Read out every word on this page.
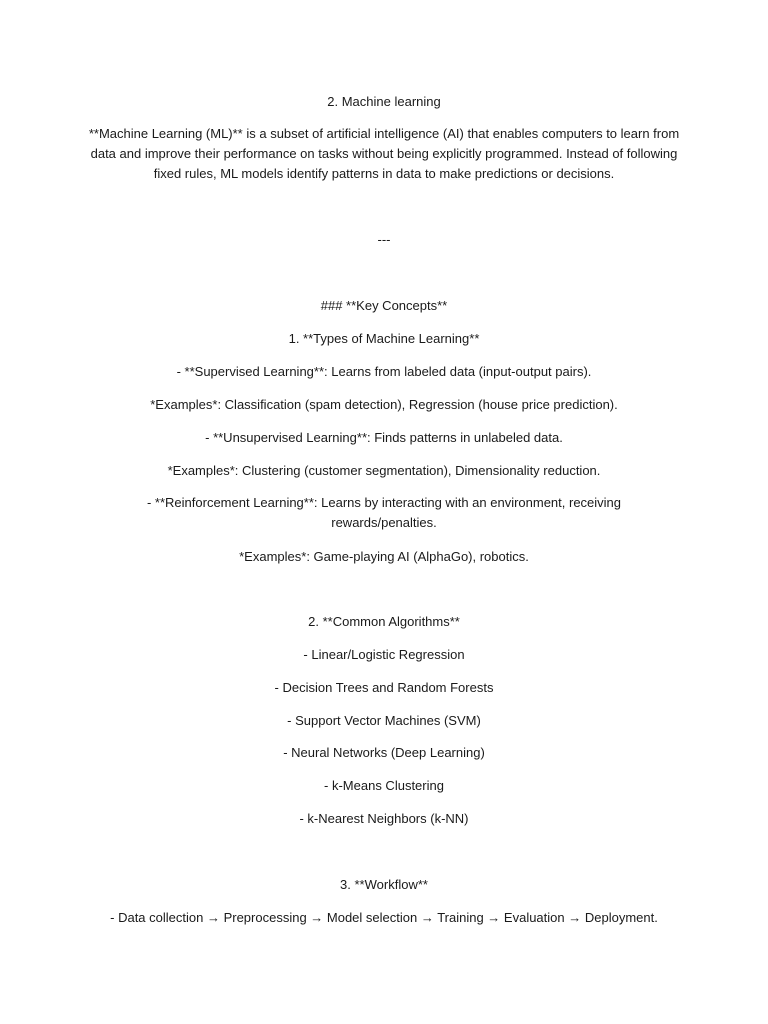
2. Machine learning
**Machine Learning (ML)** is a subset of artificial intelligence (AI) that enables computers to learn from data and improve their performance on tasks without being explicitly programmed. Instead of following fixed rules, ML models identify patterns in data to make predictions or decisions.
---
### **Key Concepts**
1. **Types of Machine Learning**
- **Supervised Learning**: Learns from labeled data (input-output pairs).
*Examples*: Classification (spam detection), Regression (house price prediction).
- **Unsupervised Learning**: Finds patterns in unlabeled data.
*Examples*: Clustering (customer segmentation), Dimensionality reduction.
- **Reinforcement Learning**: Learns by interacting with an environment, receiving rewards/penalties.
*Examples*: Game-playing AI (AlphaGo), robotics.
2. **Common Algorithms**
- Linear/Logistic Regression
- Decision Trees and Random Forests
- Support Vector Machines (SVM)
- Neural Networks (Deep Learning)
- k-Means Clustering
- k-Nearest Neighbors (k-NN)
3. **Workflow**
- Data collection → Preprocessing → Model selection → Training → Evaluation → Deployment.
